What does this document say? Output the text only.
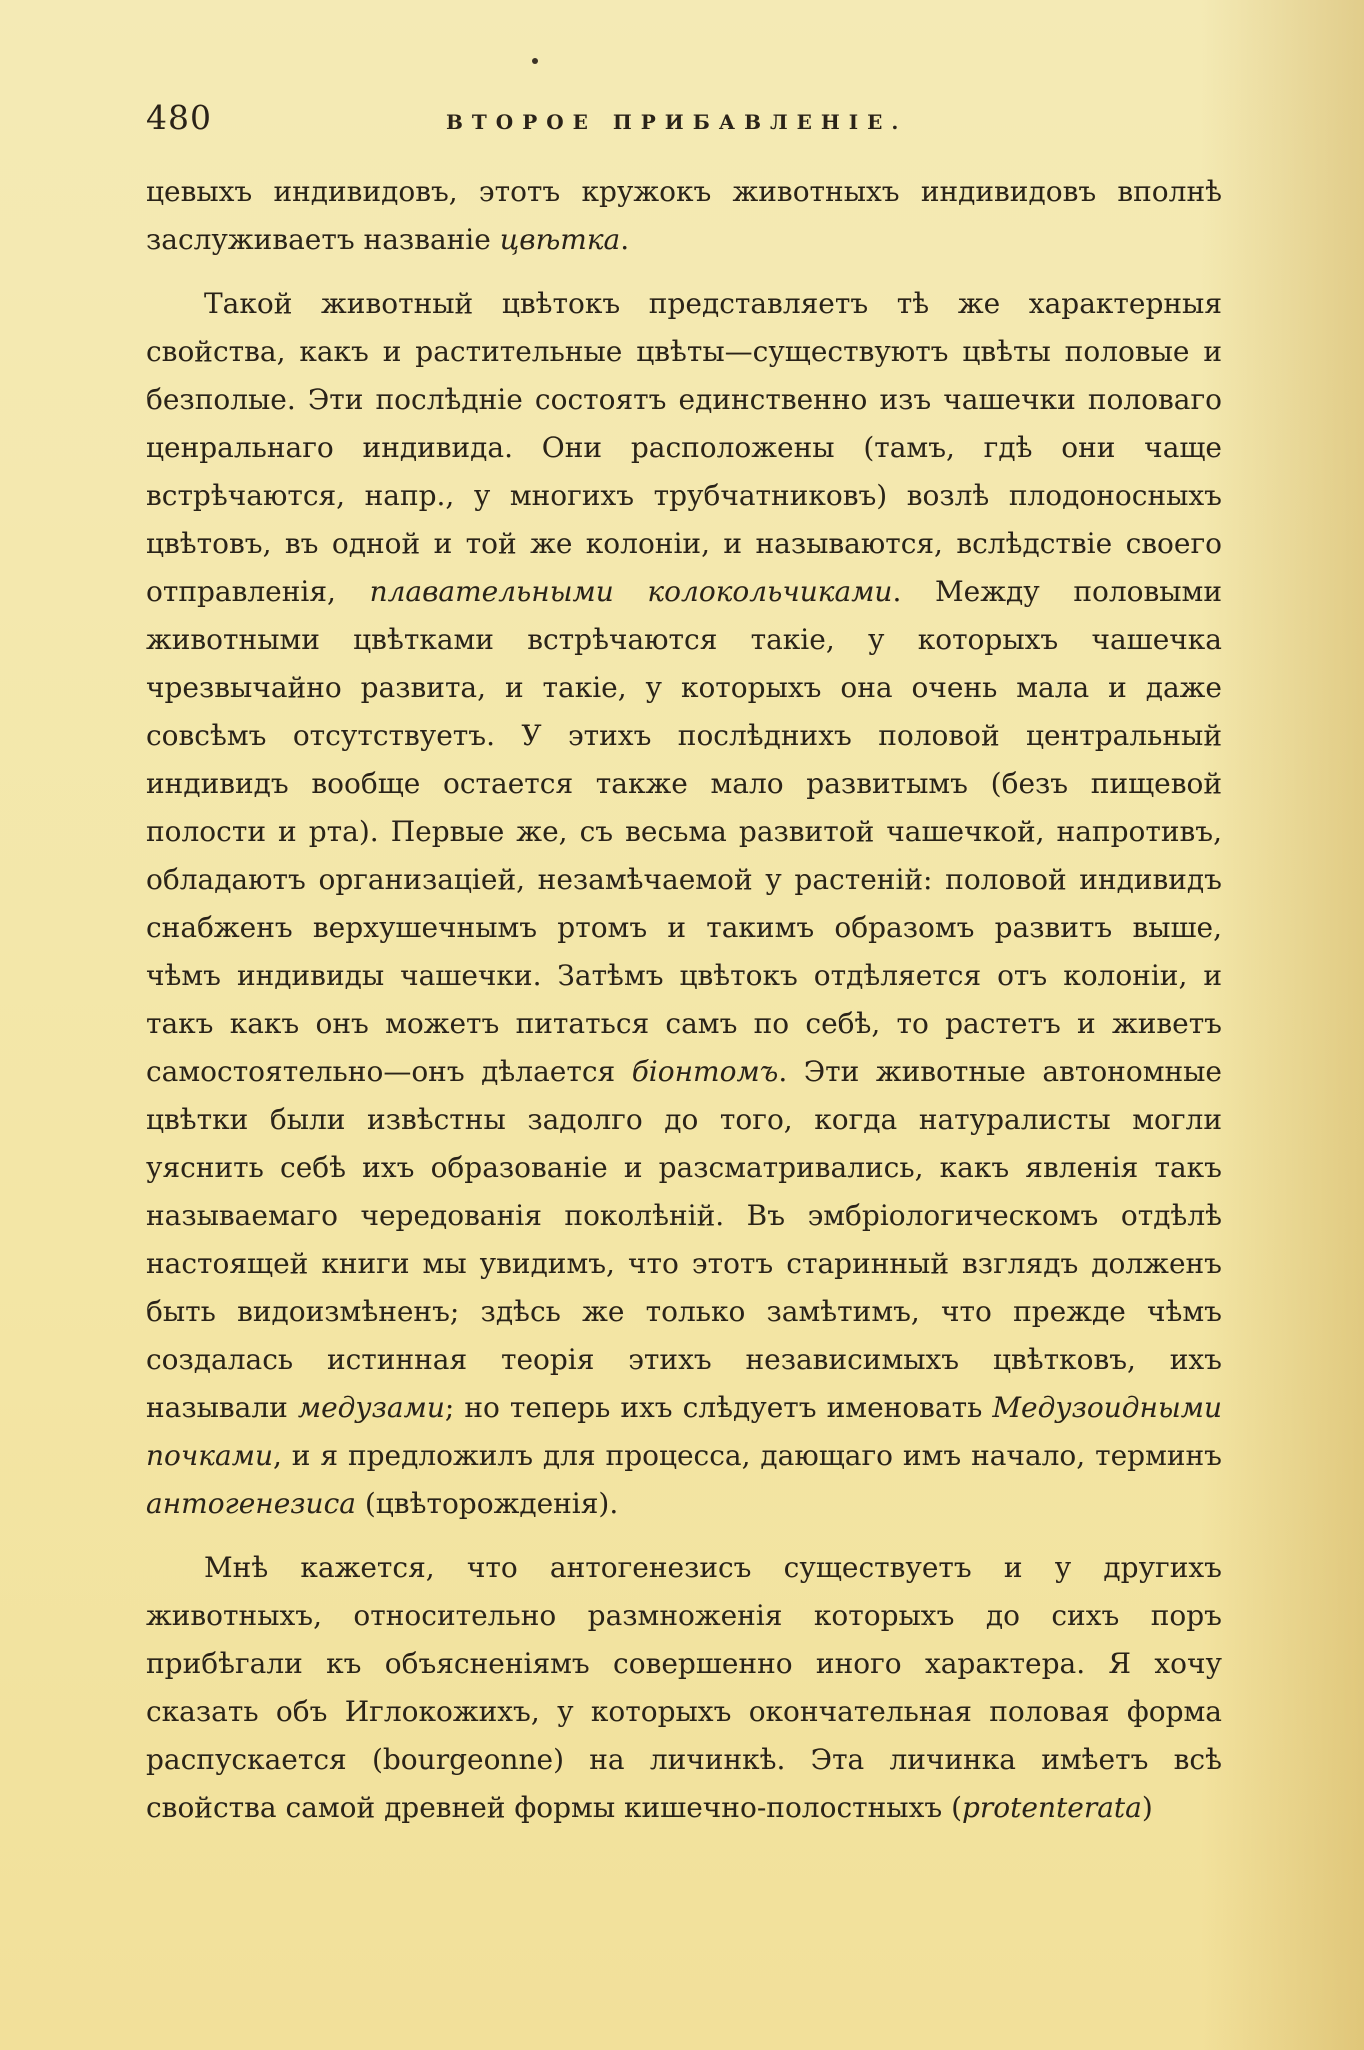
480	ВТОРОЕ ПРИБАВЛЕНIЕ.

цевыхъ индивидовъ, этотъ кружокъ животныхъ индивидовъ вполнѣ заслуживаетъ названiе цвѣтка.

Такой животный цвѣтокъ представляетъ тѣ же характерныя свойства, какъ и растительные цвѣты—существуютъ цвѣты половые и безполые. Эти послѣднiе состоятъ единственно изъ чашечки половаго ценральнаго индивида. Они расположены (тамъ, гдѣ они чаще встрѣчаются, напр., у многихъ трубчатниковъ) возлѣ плодоносныхъ цвѣтовъ, въ одной и той же колонiи, и называются, вслѣдствiе своего отправленiя, плавательными колокольчиками. Между половыми животными цвѣтками встрѣчаются такiе, у которыхъ чашечка чрезвычайно развита, и такiе, у которыхъ она очень мала и даже совсѣмъ отсутствуетъ. У этихъ послѣднихъ половой центральный индивидъ вообще остается также мало развитымъ (безъ пищевой полости и рта). Первые же, съ весьма развитой чашечкой, напротивъ, обладаютъ организацiей, незамѣчаемой у растенiй: половой индивидъ снабженъ верхушечнымъ ртомъ и такимъ образомъ развитъ выше, чѣмъ индивиды чашечки. Затѣмъ цвѣтокъ отдѣляется отъ колонiи, и такъ какъ онъ можетъ питаться самъ по себѣ, то растетъ и живетъ самостоятельно—онъ дѣлается бiонтомъ. Эти животные автономные цвѣтки были извѣстны задолго до того, когда натуралисты могли уяснить себѣ ихъ образованiе и разсматривались, какъ явленiя такъ называемаго чередованiя поколѣнiй. Въ эмбрiологическомъ отдѣлѣ настоящей книги мы увидимъ, что этотъ старинный взглядъ долженъ быть видоизмѣненъ; здѣсь же только замѣтимъ, что прежде чѣмъ создалась истинная теорiя этихъ независимыхъ цвѣтковъ, ихъ называли медузами; но теперь ихъ слѣдуетъ именовать Медузоидными почками, и я предложилъ для процесса, дающаго имъ начало, терминъ антогенезиса (цвѣторожденiя).

Мнѣ кажется, что антогенезисъ существуетъ и у другихъ животныхъ, относительно размноженiя которыхъ до сихъ поръ прибѣгали къ объясненiямъ совершенно иного характера. Я хочу сказать объ Иглокожихъ, у которыхъ окончательная половая форма распускается (bourgeonne) на личинкѣ. Эта личинка имѣетъ всѣ свойства самой древней формы кишечно-полостныхъ (protenterata)
